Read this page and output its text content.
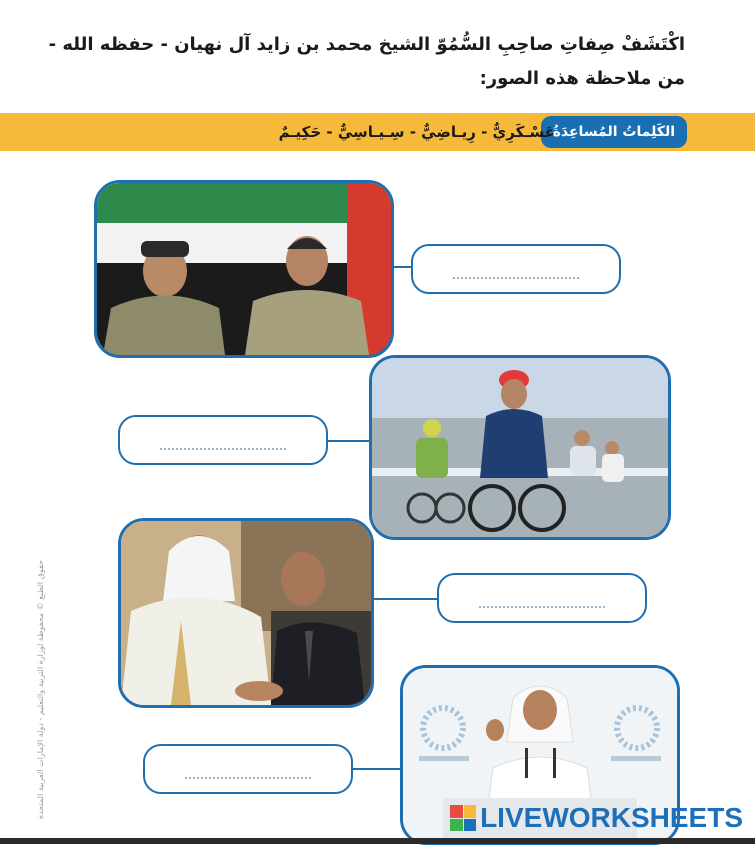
اكْتَشَفْ صِفاتِ صاحِبِ السُّمُوّ الشيخ محمد بن زايد آل نهيان - حفظه الله -
من ملاحظة هذه الصور:
الكَلِماتُ المُساعِدَةُ
عَسْـكَرِيٌّ - رِيـاضِيٌّ - سِـيـاسِيٌّ - حَكِيـمٌ
حقوق الطبع © محفوظة لوزارة التربية والتعليم - دولة الإمارات العربية المتحدة	LIVEWORKSHEETS
